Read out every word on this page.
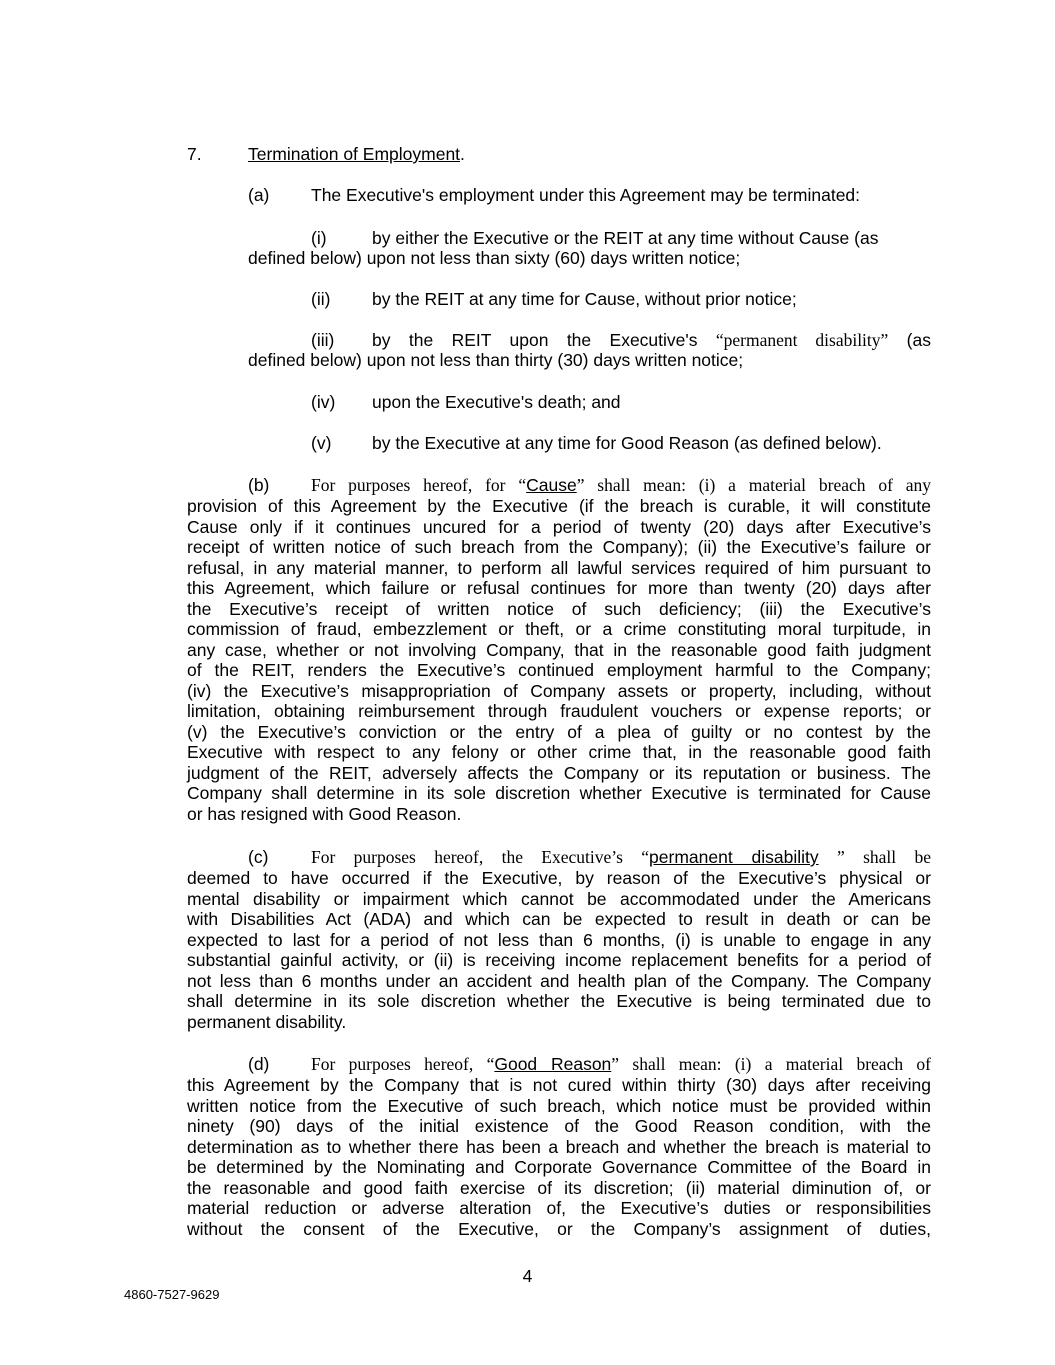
7.	Termination of Employment.
(a) The Executive's employment under this Agreement may be terminated:
(i)	by either the Executive or the REIT at any time without Cause (as
defined below) upon not less than sixty (60) days written notice;
(ii) by the REIT at any time for Cause, without prior notice;
(iii) by the REIT upon the Executive's “permanent disability” (as
defined below) upon not less than thirty (30) days written notice;
(iv) upon the Executive's death; and
(v) by the Executive at any time for Good Reason (as defined below).
(b) For purposes hereof, for “Cause” shall mean: (i) a material breach of any
provision of this Agreement by the Executive (if the breach is curable, it will constitute
Cause only if it continues uncured for a period of twenty (20) days after Executive’s
receipt of written notice of such breach from the Company); (ii) the Executive’s failure or
refusal, in any material manner, to perform all lawful services required of him pursuant to
this Agreement, which failure or refusal continues for more than twenty (20) days after
the Executive’s receipt of written notice of such deficiency; (iii) the Executive’s
commission of fraud, embezzlement or theft, or a crime constituting moral turpitude, in
any case, whether or not involving Company, that in the reasonable good faith judgment
of the REIT, renders the Executive’s continued employment harmful to the Company;
(iv) the Executive’s misappropriation of Company assets or property, including, without
limitation, obtaining reimbursement through fraudulent vouchers or expense reports; or
(v) the Executive’s conviction or the entry of a plea of guilty or no contest by the
Executive with respect to any felony or other crime that, in the reasonable good faith
judgment of the REIT, adversely affects the Company or its reputation or business. The
Company shall determine in its sole discretion whether Executive is terminated for Cause
or has resigned with Good Reason.
(c) For purposes hereof, the Executive’s “permanent disability ” shall be
deemed to have occurred if the Executive, by reason of the Executive’s physical or
mental disability or impairment which cannot be accommodated under the Americans
with Disabilities Act (ADA) and which can be expected to result in death or can be
expected to last for a period of not less than 6 months, (i) is unable to engage in any
substantial gainful activity, or (ii) is receiving income replacement benefits for a period of
not less than 6 months under an accident and health plan of the Company. The Company
shall determine in its sole discretion whether the Executive is being terminated due to
permanent disability.
(d) For purposes hereof, “Good Reason” shall mean: (i) a material breach of
this Agreement by the Company that is not cured within thirty (30) days after receiving
written notice from the Executive of such breach, which notice must be provided within
ninety (90) days of the initial existence of the Good Reason condition, with the
determination as to whether there has been a breach and whether the breach is material to
be determined by the Nominating and Corporate Governance Committee of the Board in
the reasonable and good faith exercise of its discretion; (ii) material diminution of, or
material reduction or adverse alteration of, the Executive’s duties or responsibilities
without the consent of the Executive, or the Company’s assignment of duties,
4
4860-7527-9629
